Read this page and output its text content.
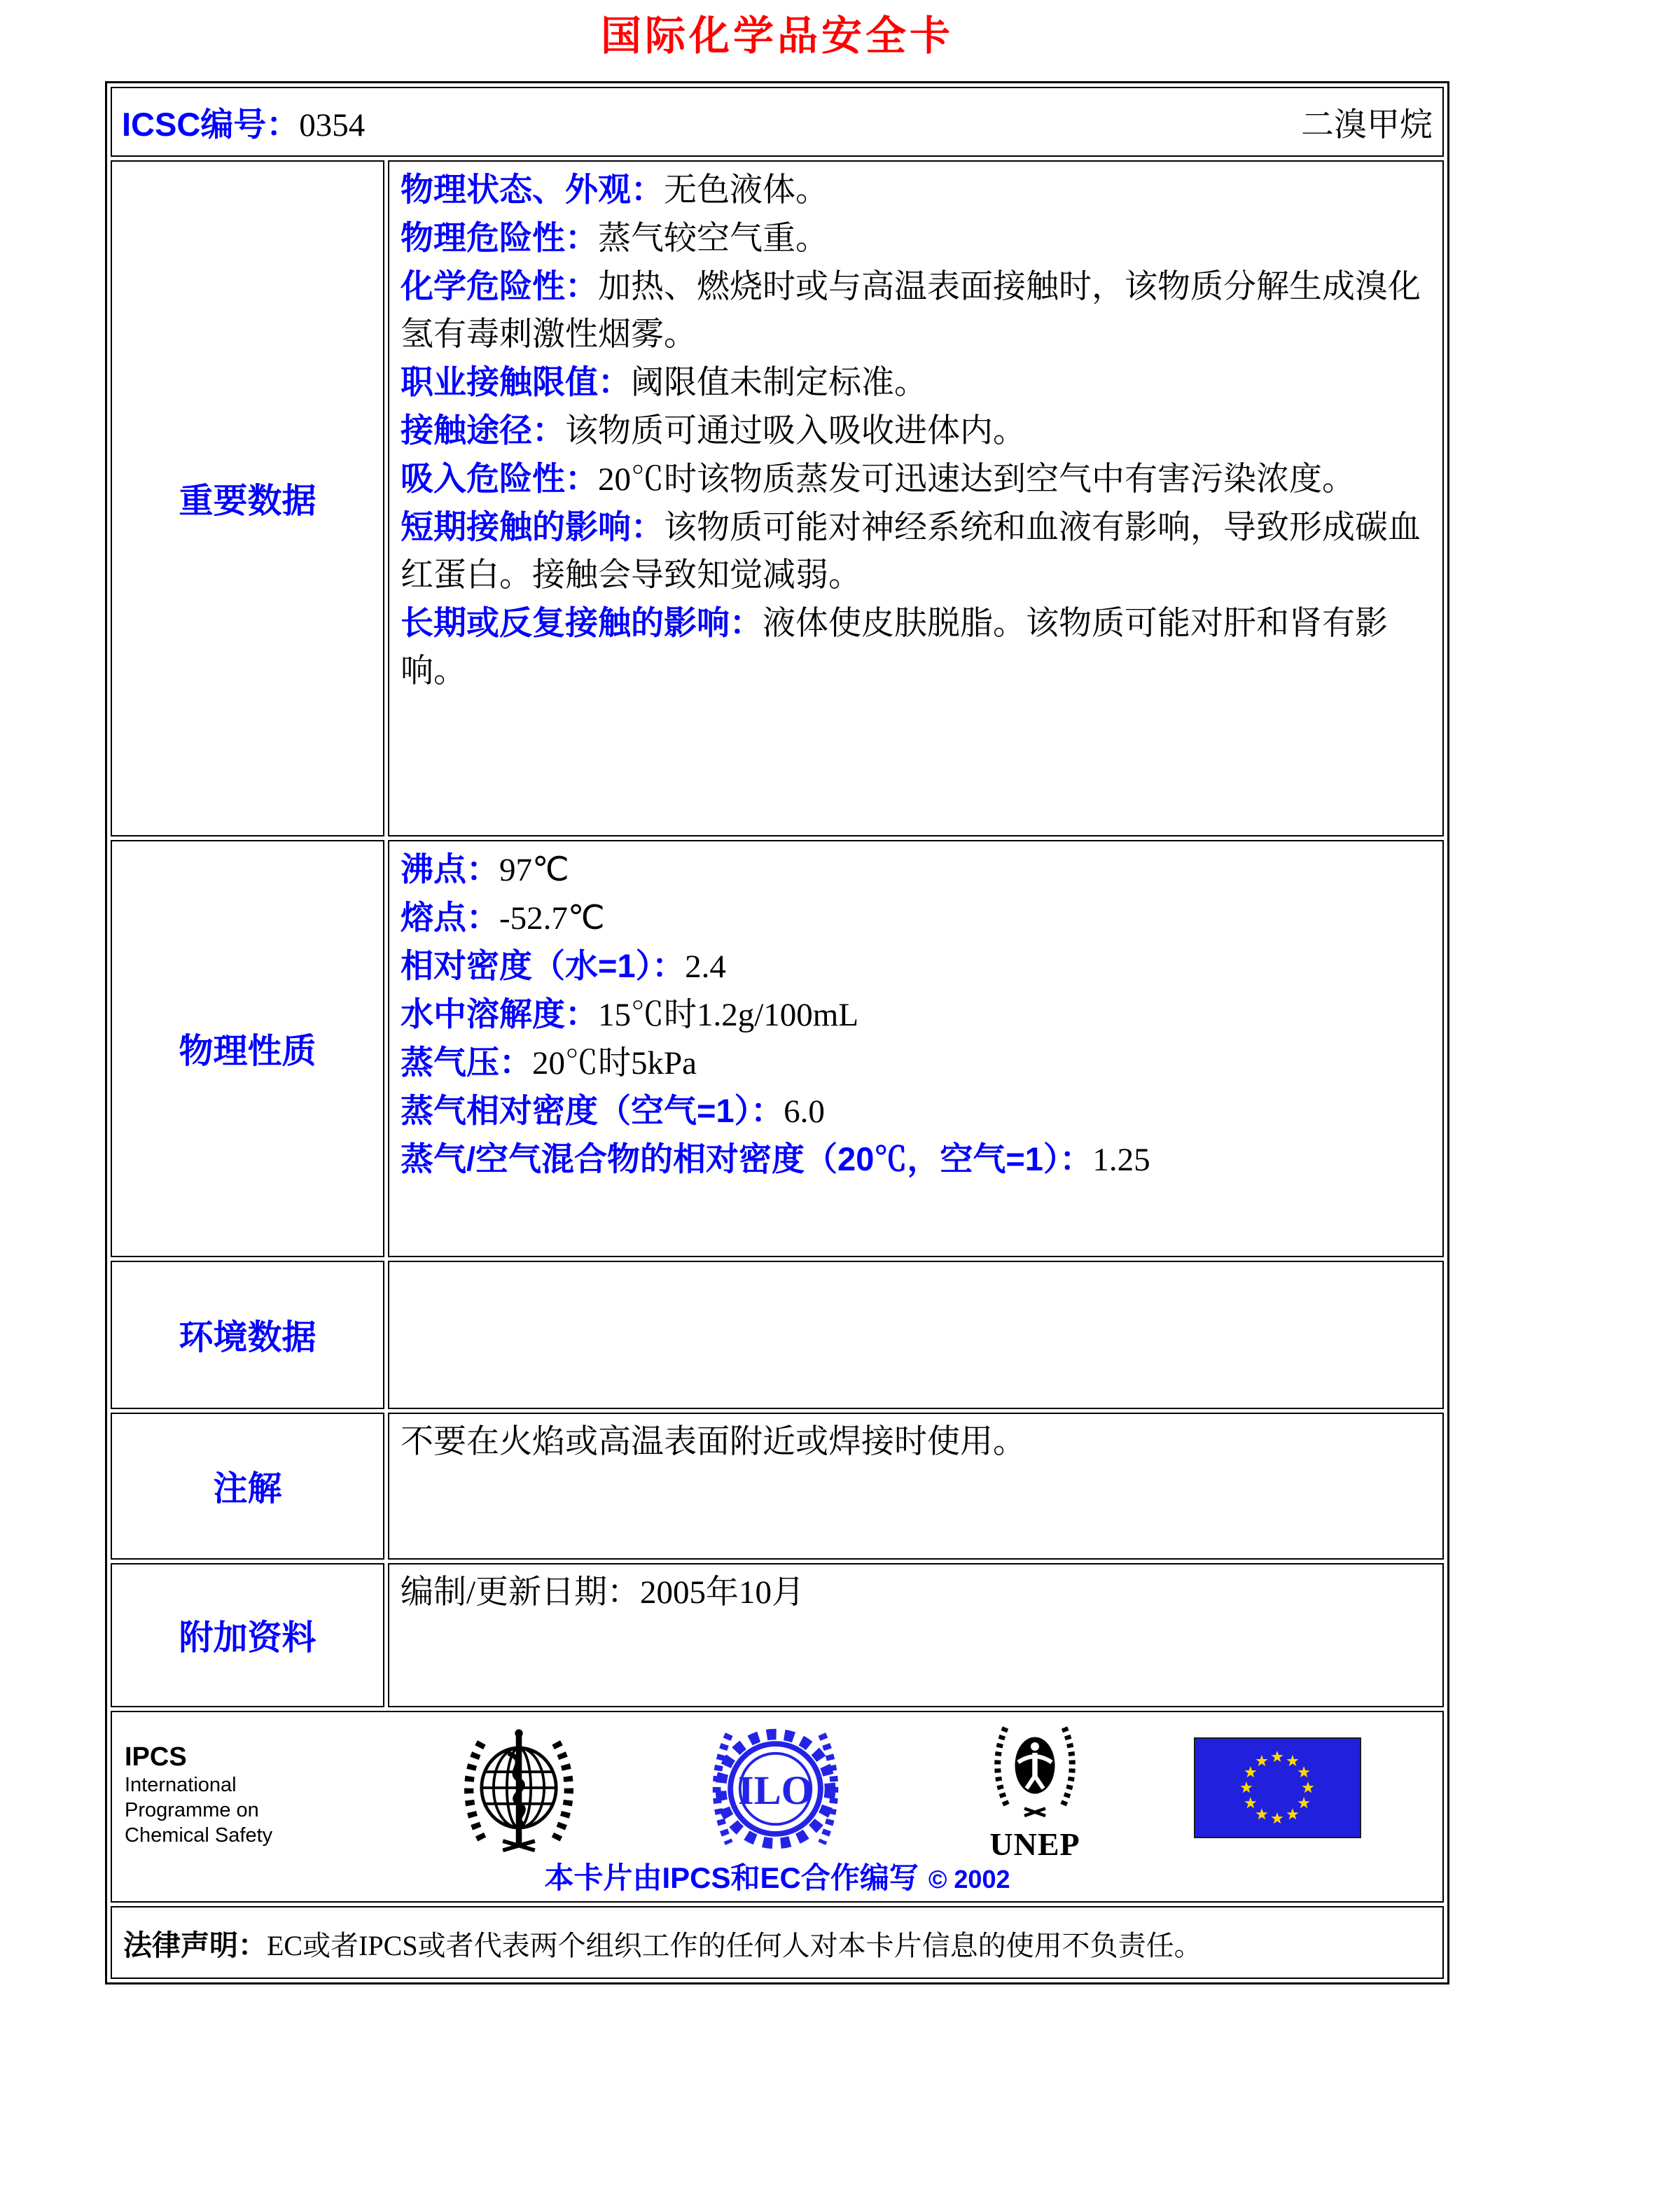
国际化学品安全卡
ICSC编号：0354 二溴甲烷	

重要数据	
物理状态、外观：无色液体。
物理危险性：蒸气较空气重。
化学危险性：加热、燃烧时或与高温表面接触时，该物质分解生成溴化氢有毒刺激性烟雾。
职业接触限值：阈限值未制定标准。
接触途径：该物质可通过吸入吸收进体内。
吸入危险性：20℃时该物质蒸发可迅速达到空气中有害污染浓度。
短期接触的影响：该物质可能对神经系统和血液有影响，导致形成碳血红蛋白。接触会导致知觉减弱。
长期或反复接触的影响：液体使皮肤脱脂。该物质可能对肝和肾有影响。

物理性质	
沸点：97℃
熔点：-52.7℃
相对密度（水=1）：2.4
水中溶解度：15℃时1.2g/100mL
蒸气压：20℃时5kPa
蒸气相对密度（空气=1）：6.0
蒸气/空气混合物的相对密度（20℃，空气=1）：1.25

环境数据	
注解	不要在火焰或高温表面附近或焊接时使用。

附加资料	编制/更新日期：2005年10月

IPCS
International
Programme on
Chemical Safety
ILO
UNEP
本卡片由IPCS和EC合作编写 © 2002

法律声明：EC或者IPCS或者代表两个组织工作的任何人对本卡片信息的使用不负责任。	
